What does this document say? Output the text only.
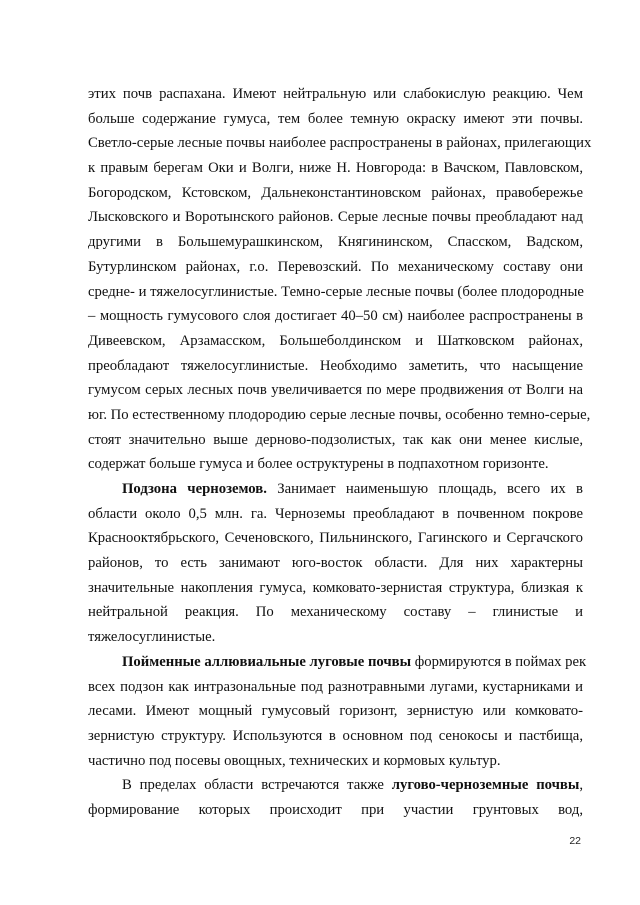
этих почв распахана. Имеют нейтральную или слабокислую реакцию. Чем
больше содержание гумуса, тем более темную окраску имеют эти почвы.
Светло-серые лесные почвы наиболее распространены в районах, прилегающих
к правым берегам Оки и Волги, ниже Н. Новгорода: в Вачском, Павловском,
Богородском, Кстовском, Дальнеконстантиновском районах, правобережье
Лысковского и Воротынского районов. Серые лесные почвы преобладают над
другими в Большемурашкинском, Княгининском, Спасском, Вадском,
Бутурлинском районах, г.о. Перевозский. По механическому составу они
средне- и тяжелосуглинистые. Темно-серые лесные почвы (более плодородные
– мощность гумусового слоя достигает 40–50 см) наиболее распространены в
Дивеевском, Арзамасском, Большеболдинском и Шатковском районах,
преобладают тяжелосуглинистые. Необходимо заметить, что насыщение
гумусом серых лесных почв увеличивается по мере продвижения от Волги на
юг. По естественному плодородию серые лесные почвы, особенно темно-серые,
стоят значительно выше дерново-подзолистых, так как они менее кислые,
содержат больше гумуса и более оструктурены в подпахотном горизонте.
Подзона черноземов. Занимает наименьшую площадь, всего их в
области около 0,5 млн. га. Черноземы преобладают в почвенном покрове
Краснооктябрьского, Сеченовского, Пильнинского, Гагинского и Сергачского
районов, то есть занимают юго-восток области. Для них характерны
значительные накопления гумуса, комковато-зернистая структура, близкая к
нейтральной реакция. По механическому составу – глинистые и
тяжелосуглинистые.
Пойменные аллювиальные луговые почвы формируются в поймах рек
всех подзон как интразональные под разнотравными лугами, кустарниками и
лесами. Имеют мощный гумусовый горизонт, зернистую или комковато-
зернистую структуру. Используются в основном под сенокосы и пастбища,
частично под посевы овощных, технических и кормовых культур.
В пределах области встречаются также лугово-черноземные почвы,
формирование которых происходит при участии грунтовых вод,
22
